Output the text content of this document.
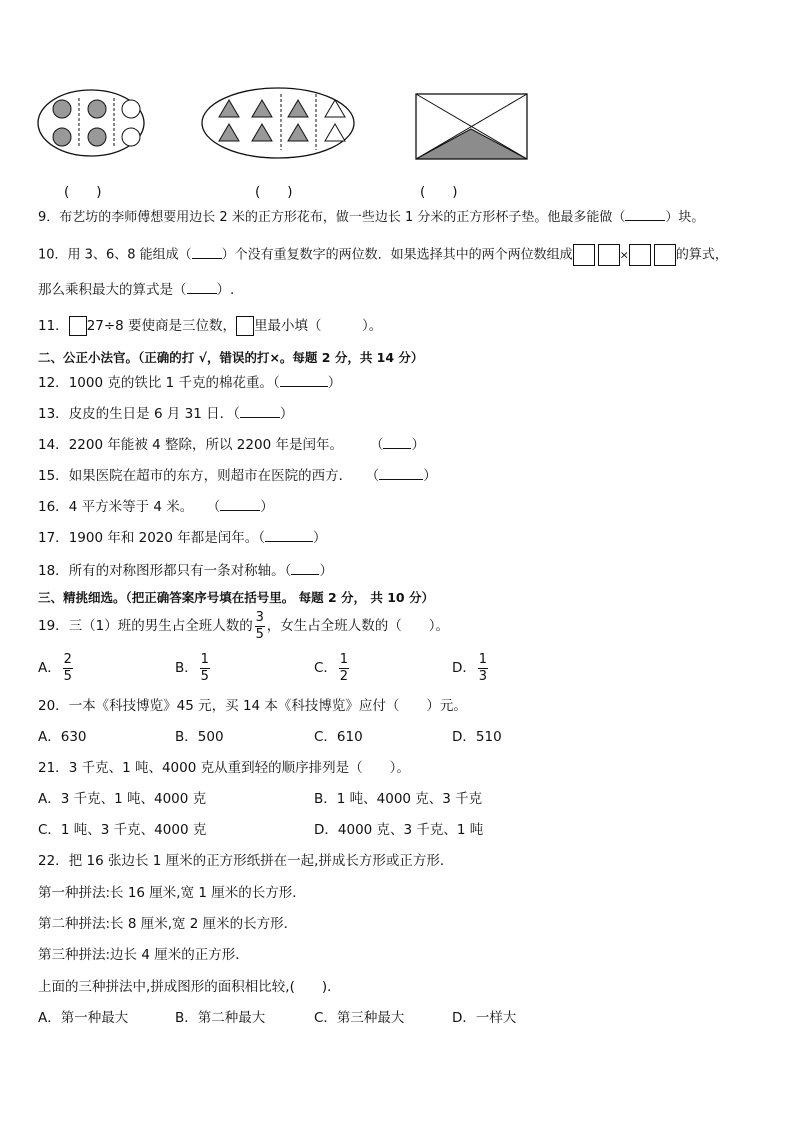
(　　)	(　　)	(　　)
9．布艺坊的李师傅想要用边长 2 米的正方形花布，做一些边长 1 分米的正方形杯子垫。他最多能做（	）块。
10．用 3、6、8 能组成（ ）个没有重复数字的两位数．如果选择其中的两个两位数组成	×	的算式，
那么乘积最大的算式是（ ）.
11． 27÷8 要使商是三位数， 里最小填（　　　）。
二、公正小法官。（正确的打 √，错误的打×。每题 2 分，共 14 分）
12．1000 克的铁比 1 千克的棉花重。（	）
13．皮皮的生日是 6 月 31 日．（	）
14．2200 年能被 4 整除，所以 2200 年是闰年。　　　（ ）
15．如果医院在超市的东方，则超市在医院的西方．　　（	）
16．4 平方米等于 4 米。　　（	）
17．1900 年和 2020 年都是闰年。（	）
18．所有的对称图形都只有一条对称轴。（ ）
三、精挑细选。（把正确答案序号填在括号里。 每题 2 分， 共 10 分）
19．三（1）班的男生占全班人数的 $\frac{3}{5}$ ，女生占全班人数的（　　）。
A． $\frac{2}{5}$	B． $\frac{1}{5}$	C． $\frac{1}{2}$	D． $\frac{1}{3}$
20．一本《科技博览》45 元，买 14 本《科技博览》应付（　　）元。
A．630	B．500	C．610	D．510
21．3 千克、1 吨、4000 克从重到轻的顺序排列是（　　）。
A．3 千克、1 吨、4000 克	B．1 吨、4000 克、3 千克
C．1 吨、3 千克、4000 克	D．4000 克、3 千克、1 吨
22．把 16 张边长 1 厘米的正方形纸拼在一起,拼成长方形或正方形．
第一种拼法:长 16 厘米,宽 1 厘米的长方形．
第二种拼法:长 8 厘米,宽 2 厘米的长方形．
第三种拼法:边长 4 厘米的正方形．
上面的三种拼法中,拼成图形的面积相比较,(　　)．
A．第一种最大	B．第二种最大	C．第三种最大	D．一样大
